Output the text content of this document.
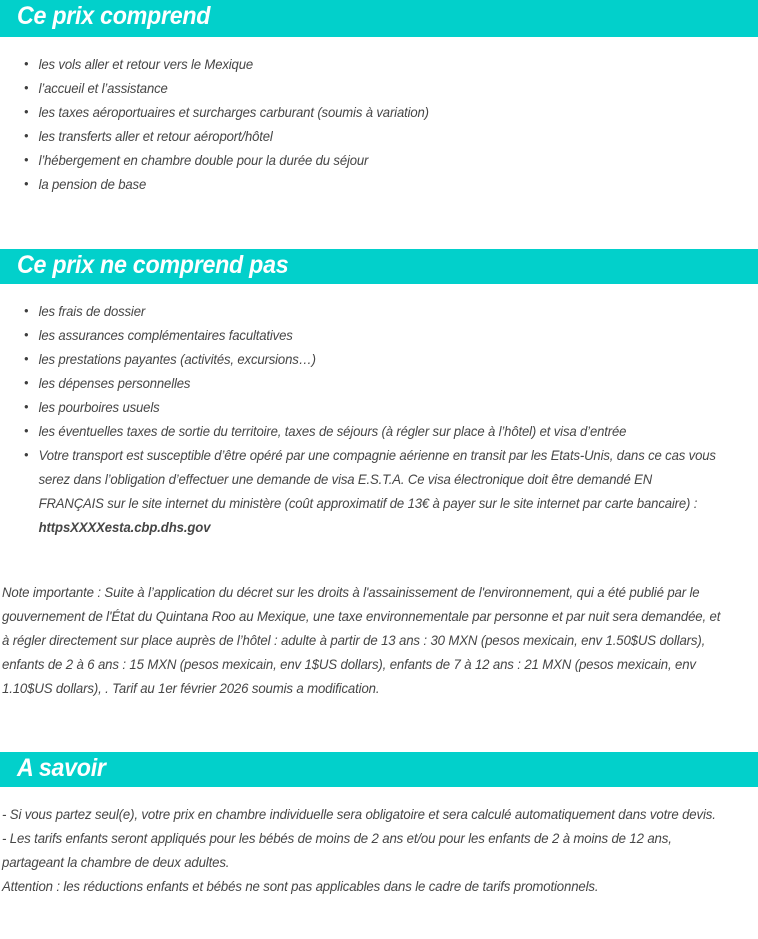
Ce prix comprend
• les vols aller et retour vers le Mexique
• l’accueil et l’assistance
• les taxes aéroportuaires et surcharges carburant (soumis à variation)
• les transferts aller et retour aéroport/hôtel
• l’hébergement en chambre double pour la durée du séjour
• la pension de base
Ce prix ne comprend pas
• les frais de dossier
• les assurances complémentaires facultatives
• les prestations payantes (activités, excursions…)
• les dépenses personnelles
• les pourboires usuels
• les éventuelles taxes de sortie du territoire, taxes de séjours (à régler sur place à l’hôtel) et visa d’entrée
• Votre transport est susceptible d’être opéré par une compagnie aérienne en transit par les Etats-Unis, dans ce cas vous serez dans l’obligation d’effectuer une demande de visa E.S.T.A. Ce visa électronique doit être demandé EN FRANÇAIS sur le site internet du ministère (coût approximatif de 13€ à payer sur le site internet par carte bancaire) :
httpsXXXXesta.cbp.dhs.gov

Note importante : Suite à l’application du décret sur les droits à l'assainissement de l'environnement, qui a été publié par le gouvernement de l'État du Quintana Roo au Mexique, une taxe environnementale par personne et par nuit sera demandée, et à régler directement sur place auprès de l’hôtel : adulte à partir de 13 ans : 30 MXN (pesos mexicain, env 1.50$US dollars), enfants de 2 à 6 ans : 15 MXN (pesos mexicain, env 1$US dollars), enfants de 7 à 12 ans : 21 MXN (pesos mexicain, env 1.10$US dollars), . Tarif au 1er février 2026 soumis a modification.

A savoir

- Si vous partez seul(e), votre prix en chambre individuelle sera obligatoire et sera calculé automatiquement dans votre devis.

- Les tarifs enfants seront appliqués pour les bébés de moins de 2 ans et/ou pour les enfants de 2 à moins de 12 ans, partageant la chambre de deux adultes.

Attention : les réductions enfants et bébés ne sont pas applicables dans le cadre de tarifs promotionnels.
